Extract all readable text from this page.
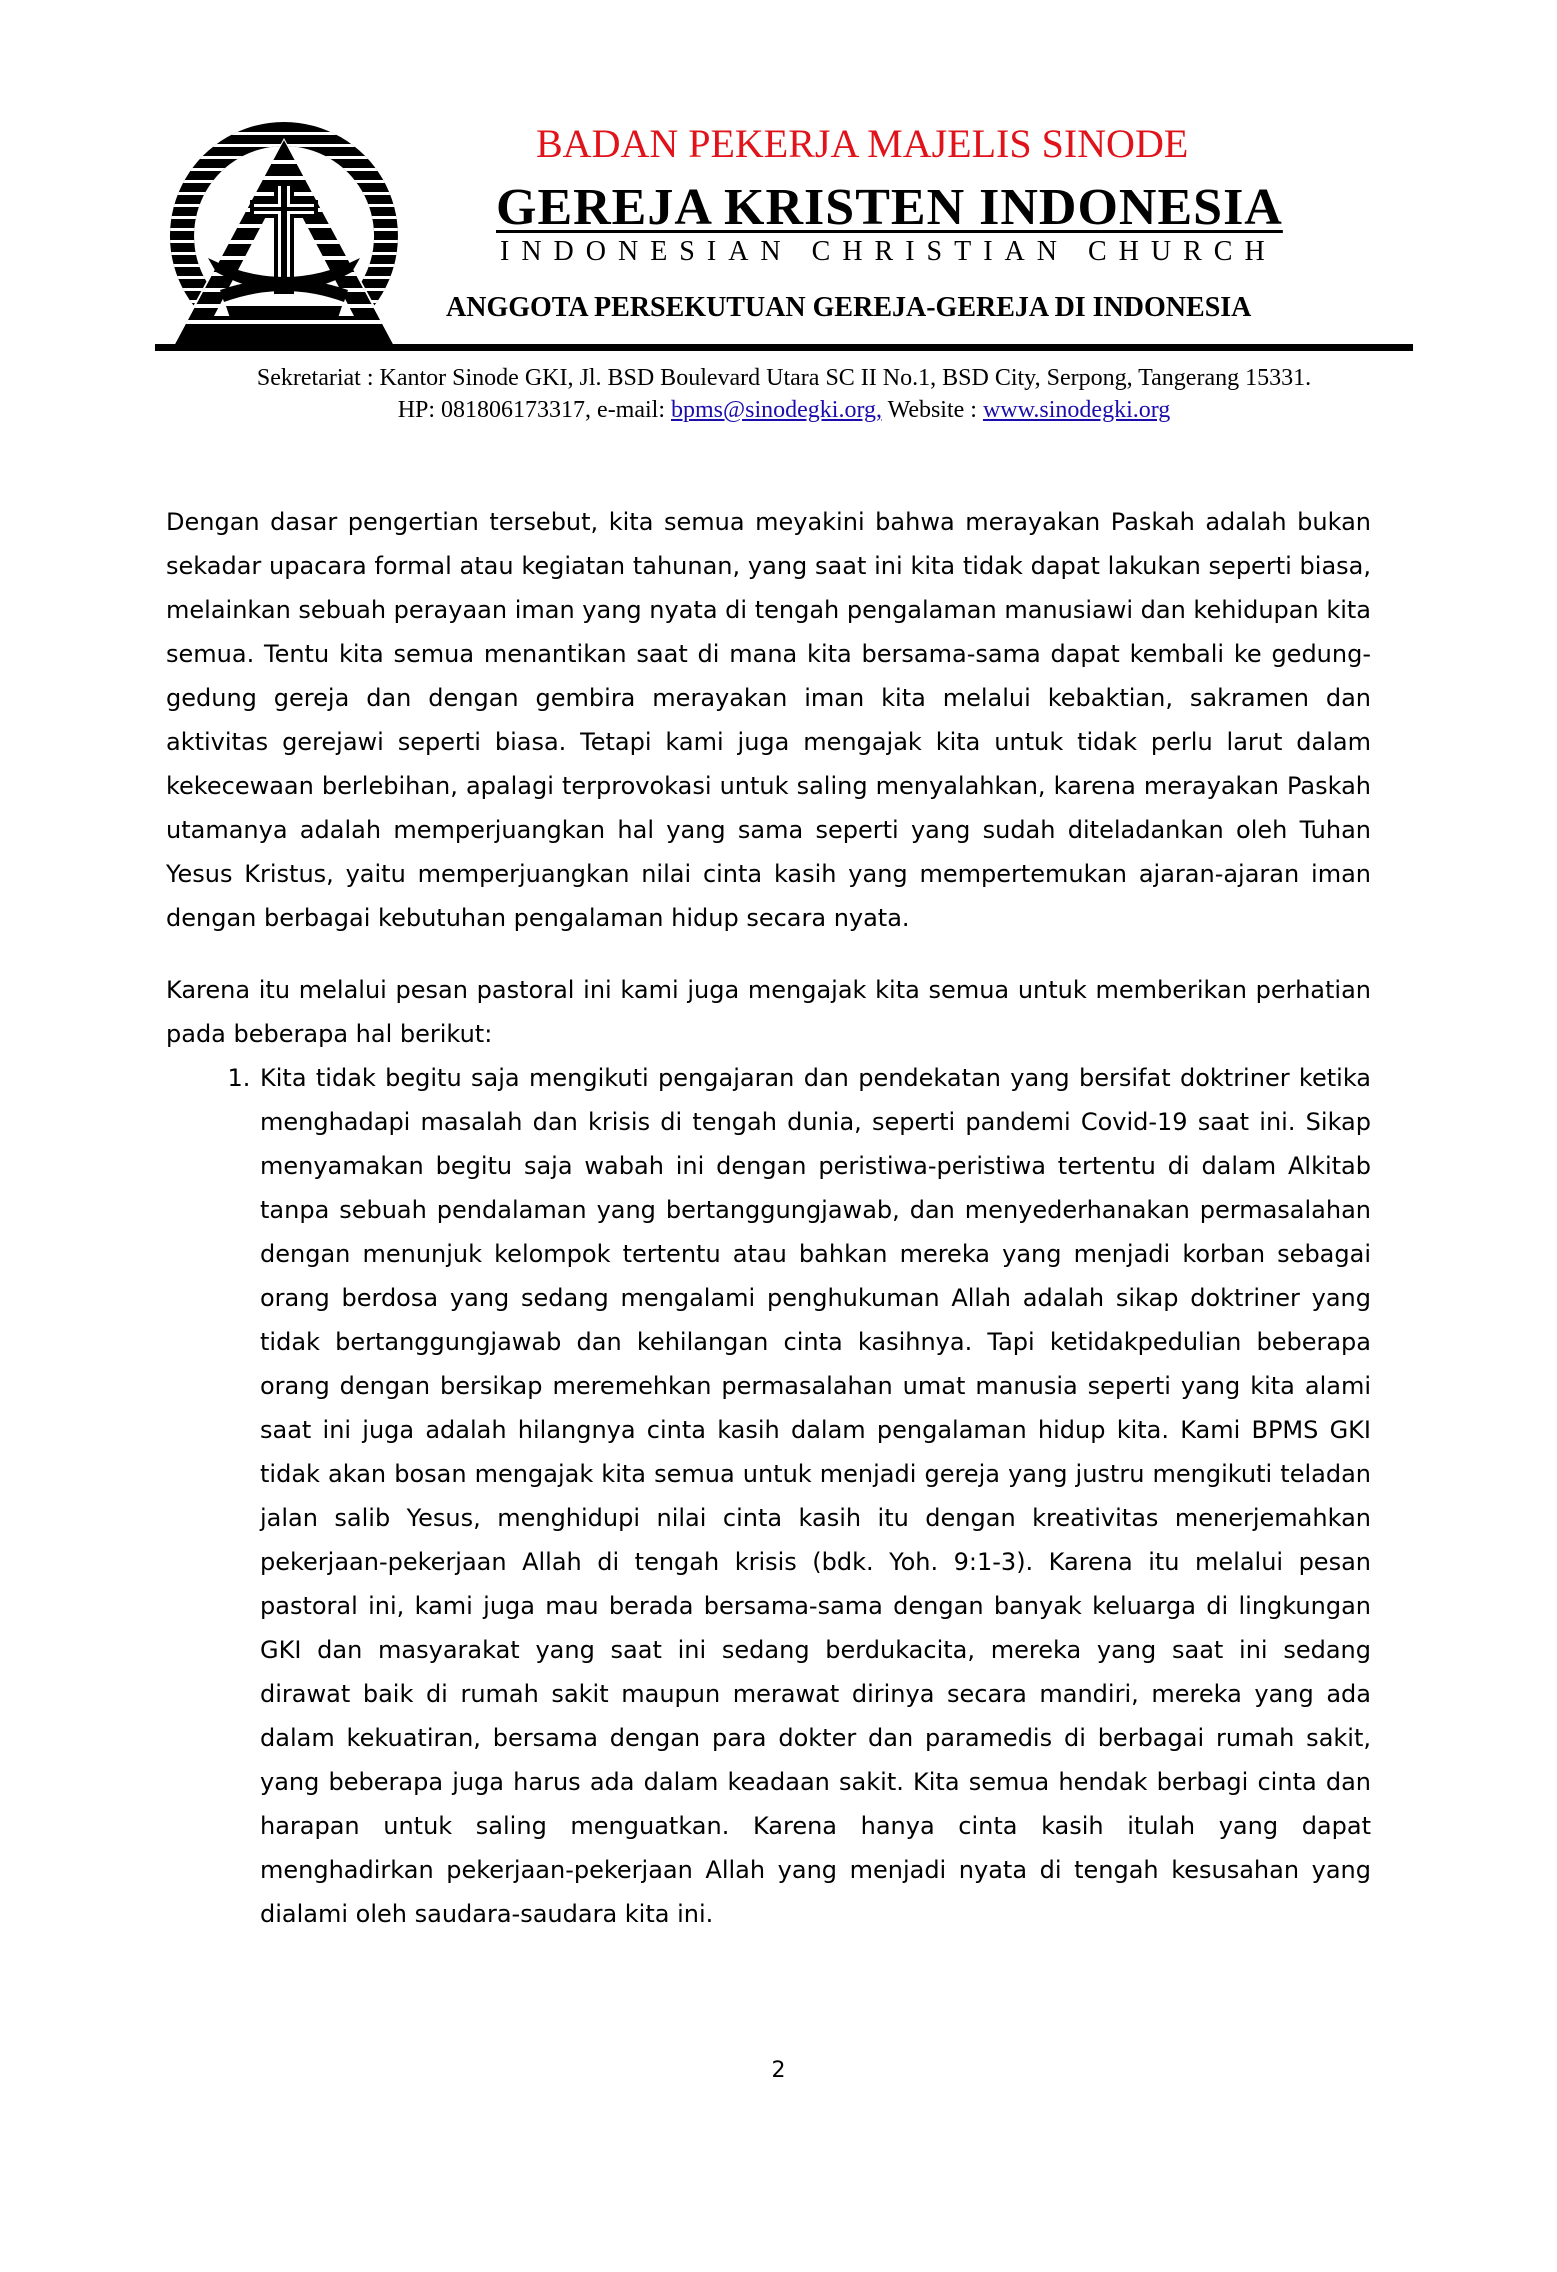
BADAN PEKERJA MAJELIS SINODE
GEREJA KRISTEN INDONESIA
INDONESIAN CHRISTIAN CHURCH
ANGGOTA PERSEKUTUAN GEREJA-GEREJA DI INDONESIA
Sekretariat : Kantor Sinode GKI, Jl. BSD Boulevard Utara SC II No.1, BSD City, Serpong, Tangerang 15331.
HP: 081806173317, e-mail: bpms@sinodegki.org, Website : www.sinodegki.org

Dengan dasar pengertian tersebut, kita semua meyakini bahwa merayakan Paskah adalah bukan sekadar upacara formal atau kegiatan tahunan, yang saat ini kita tidak dapat lakukan seperti biasa, melainkan sebuah perayaan iman yang nyata di tengah pengalaman manusiawi dan kehidupan kita semua. Tentu kita semua menantikan saat di mana kita bersama-sama dapat kembali ke gedung-gedung gereja dan dengan gembira merayakan iman kita melalui kebaktian, sakramen dan aktivitas gerejawi seperti biasa. Tetapi kami juga mengajak kita untuk tidak perlu larut dalam kekecewaan berlebihan, apalagi terprovokasi untuk saling menyalahkan, karena merayakan Paskah utamanya adalah memperjuangkan hal yang sama seperti yang sudah diteladankan oleh Tuhan Yesus Kristus, yaitu memperjuangkan nilai cinta kasih yang mempertemukan ajaran-ajaran iman dengan berbagai kebutuhan pengalaman hidup secara nyata.

Karena itu melalui pesan pastoral ini kami juga mengajak kita semua untuk memberikan perhatian pada beberapa hal berikut:

1. Kita tidak begitu saja mengikuti pengajaran dan pendekatan yang bersifat doktriner ketika menghadapi masalah dan krisis di tengah dunia, seperti pandemi Covid-19 saat ini. Sikap menyamakan begitu saja wabah ini dengan peristiwa-peristiwa tertentu di dalam Alkitab tanpa sebuah pendalaman yang bertanggungjawab, dan menyederhanakan permasalahan dengan menunjuk kelompok tertentu atau bahkan mereka yang menjadi korban sebagai orang berdosa yang sedang mengalami penghukuman Allah adalah sikap doktriner yang tidak bertanggungjawab dan kehilangan cinta kasihnya. Tapi ketidakpedulian beberapa orang dengan bersikap meremehkan permasalahan umat manusia seperti yang kita alami saat ini juga adalah hilangnya cinta kasih dalam pengalaman hidup kita. Kami BPMS GKI tidak akan bosan mengajak kita semua untuk menjadi gereja yang justru mengikuti teladan jalan salib Yesus, menghidupi nilai cinta kasih itu dengan kreativitas menerjemahkan pekerjaan-pekerjaan Allah di tengah krisis (bdk. Yoh. 9:1-3). Karena itu melalui pesan pastoral ini, kami juga mau berada bersama-sama dengan banyak keluarga di lingkungan GKI dan masyarakat yang saat ini sedang berdukacita, mereka yang saat ini sedang dirawat baik di rumah sakit maupun merawat dirinya secara mandiri, mereka yang ada dalam kekuatiran, bersama dengan para dokter dan paramedis di berbagai rumah sakit, yang beberapa juga harus ada dalam keadaan sakit. Kita semua hendak berbagi cinta dan harapan untuk saling menguatkan. Karena hanya cinta kasih itulah yang dapat menghadirkan pekerjaan-pekerjaan Allah yang menjadi nyata di tengah kesusahan yang dialami oleh saudara-saudara kita ini.
2
